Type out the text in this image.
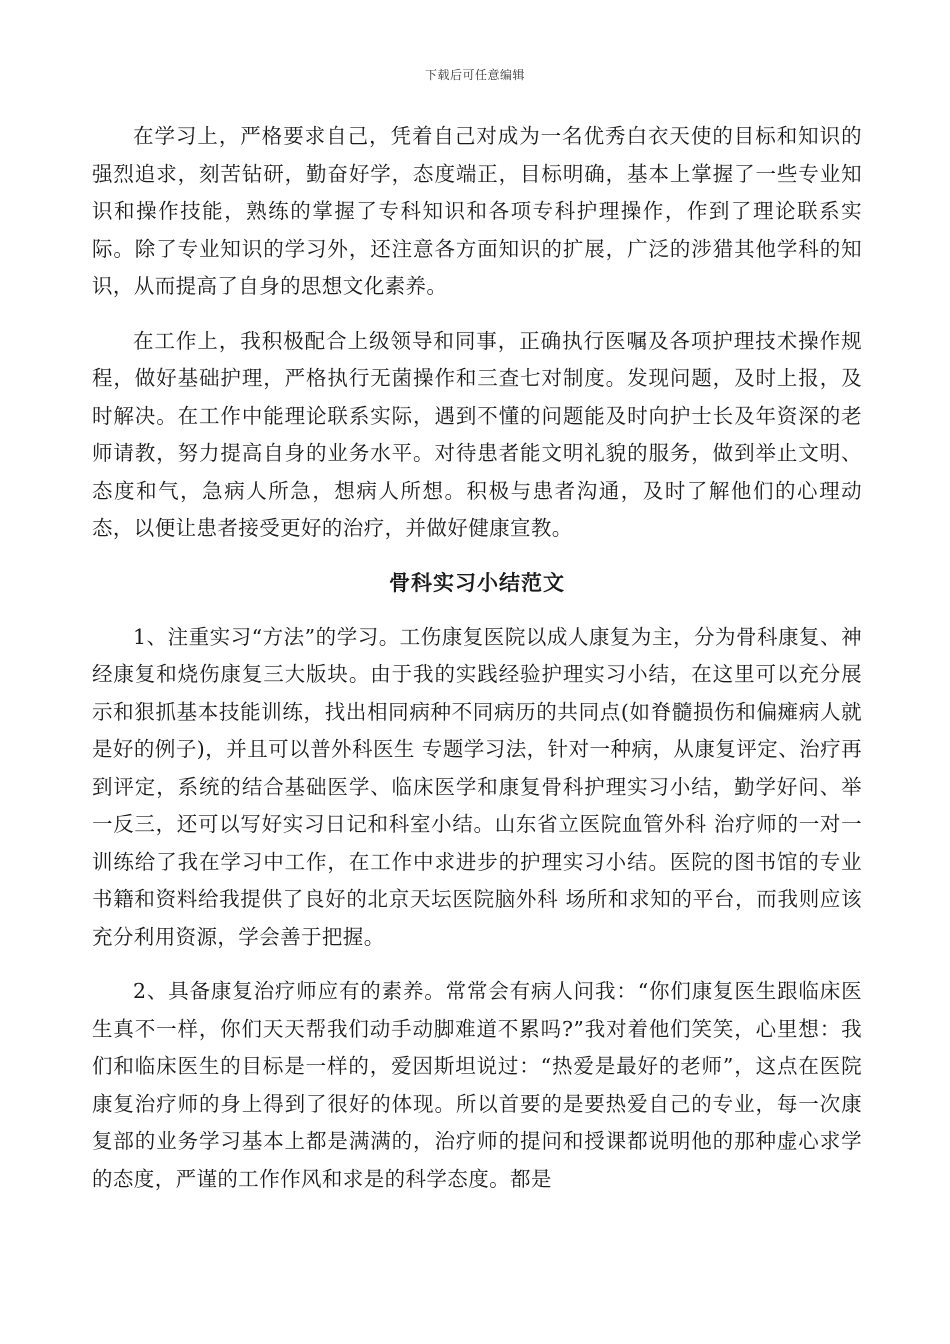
下载后可任意编辑

在学习上，严格要求自己，凭着自己对成为一名优秀白衣天使的目标和知识的强烈追求，刻苦钻研，勤奋好学，态度端正，目标明确，基本上掌握了一些专业知识和操作技能，熟练的掌握了专科知识和各项专科护理操作，作到了理论联系实际。除了专业知识的学习外，还注意各方面知识的扩展，广泛的涉猎其他学科的知识，从而提高了自身的思想文化素养。

在工作上，我积极配合上级领导和同事，正确执行医嘱及各项护理技术操作规程，做好基础护理，严格执行无菌操作和三查七对制度。发现问题，及时上报，及时解决。在工作中能理论联系实际，遇到不懂的问题能及时向护士长及年资深的老师请教，努力提高自身的业务水平。对待患者能文明礼貌的服务，做到举止文明、态度和气，急病人所急，想病人所想。积极与患者沟通，及时了解他们的心理动态，以便让患者接受更好的治疗，并做好健康宣教。

骨科实习小结范文

1、注重实习“方法”的学习。工伤康复医院以成人康复为主，分为骨科康复、神经康复和烧伤康复三大版块。由于我的实践经验护理实习小结，在这里可以充分展示和狠抓基本技能训练，找出相同病种不同病历的共同点(如脊髓损伤和偏瘫病人就是好的例子)，并且可以普外科医生 专题学习法，针对一种病，从康复评定、治疗再到评定，系统的结合基础医学、临床医学和康复骨科护理实习小结，勤学好问、举一反三，还可以写好实习日记和科室小结。山东省立医院血管外科 治疗师的一对一训练给了我在学习中工作，在工作中求进步的护理实习小结。医院的图书馆的专业书籍和资料给我提供了良好的北京天坛医院脑外科 场所和求知的平台，而我则应该充分利用资源，学会善于把握。

2、具备康复治疗师应有的素养。常常会有病人问我：“你们康复医生跟临床医生真不一样，你们天天帮我们动手动脚难道不累吗?”我对着他们笑笑，心里想：我们和临床医生的目标是一样的，爱因斯坦说过：“热爱是最好的老师”，这点在医院康复治疗师的身上得到了很好的体现。所以首要的是要热爱自己的专业，每一次康复部的业务学习基本上都是满满的，治疗师的提问和授课都说明他的那种虚心求学的态度，严谨的工作作风和求是的科学态度。都是
